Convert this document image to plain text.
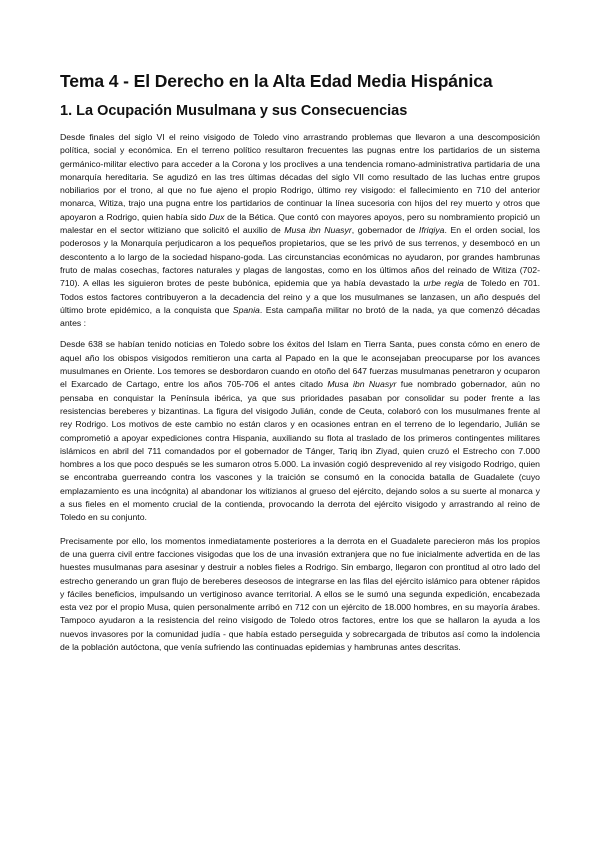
Tema 4 - El Derecho en la Alta Edad Media Hispánica
1. La Ocupación Musulmana y sus Consecuencias

Desde finales del siglo VI el reino visigodo de Toledo vino arrastrando problemas que llevaron a una descomposición política, social y económica. En el terreno político resultaron frecuentes las pugnas entre los partidarios de un sistema germánico-militar electivo para acceder a la Corona y los proclives a una tendencia romano-administrativa partidaria de una monarquía hereditaria. Se agudizó en las tres últimas décadas del siglo VII como resultado de las luchas entre grupos nobiliarios por el trono, al que no fue ajeno el propio Rodrigo, último rey visigodo: el fallecimiento en 710 del anterior monarca, Witiza, trajo una pugna entre los partidarios de continuar la línea sucesoria con hijos del rey muerto y otros que apoyaron a Rodrigo, quien había sido Dux de la Bética. Que contó con mayores apoyos, pero su nombramiento propició un malestar en el sector witiziano que solicitó el auxilio de Musa ibn Nuasyr, gobernador de Ifriqiya. En el orden social, los poderosos y la Monarquía perjudicaron a los pequeños propietarios, que se les privó de sus terrenos, y desembocó en un descontento a lo largo de la sociedad hispano-goda. Las circunstancias económicas no ayudaron, por grandes hambrunas fruto de malas cosechas, factores naturales y plagas de langostas, como en los últimos años del reinado de Witiza (702-710). A ellas les siguieron brotes de peste bubónica, epidemia que ya había devastado la urbe regia de Toledo en 701. Todos estos factores contribuyeron a la decadencia del reino y a que los musulmanes se lanzasen, un año después del último brote epidémico, a la conquista que Spania. Esta campaña militar no brotó de la nada, ya que comenzó décadas antes :

Desde 638 se habían tenido noticias en Toledo sobre los éxitos del Islam en Tierra Santa, pues consta cómo en enero de aquel año los obispos visigodos remitieron una carta al Papado en la que le aconsejaban preocuparse por los avances musulmanes en Oriente. Los temores se desbordaron cuando en otoño del 647 fuerzas musulmanas penetraron y ocuparon el Exarcado de Cartago, entre los años 705-706 el antes citado Musa ibn Nuasyr fue nombrado gobernador, aún no pensaba en conquistar la Península ibérica, ya que sus prioridades pasaban por consolidar su poder frente a las resistencias bereberes y bizantinas. La figura del visigodo Julián, conde de Ceuta, colaboró con los musulmanes frente al rey Rodrigo. Los motivos de este cambio no están claros y en ocasiones entran en el terreno de lo legendario, Julián se comprometió a apoyar expediciones contra Hispania, auxiliando su flota al traslado de los primeros contingentes militares islámicos en abril del 711 comandados por el gobernador de Tánger, Tariq ibn Ziyad, quien cruzó el Estrecho con 7.000 hombres a los que poco después se les sumaron otros 5.000. La invasión cogió desprevenido al rey visigodo Rodrigo, quien se encontraba guerreando contra los vascones y la traición se consumó en la conocida batalla de Guadalete (cuyo emplazamiento es una incógnita) al abandonar los witizianos al grueso del ejército, dejando solos a su suerte al monarca y a sus fieles en el momento crucial de la contienda, provocando la derrota del ejército visigodo y arrastrando al reino de Toledo en su conjunto.

Precisamente por ello, los momentos inmediatamente posteriores a la derrota en el Guadalete parecieron más los propios de una guerra civil entre facciones visigodas que los de una invasión extranjera que no fue inicialmente advertida en de las huestes musulmanas para asesinar y destruir a nobles fieles a Rodrigo. Sin embargo, llegaron con prontitud al otro lado del estrecho generando un gran flujo de bereberes deseosos de integrarse en las filas del ejército islámico para obtener rápidos y fáciles beneficios, impulsando un vertiginoso avance territorial. A ellos se le sumó una segunda expedición, encabezada esta vez por el propio Musa, quien personalmente arribó en 712 con un ejército de 18.000 hombres, en su mayoría árabes. Tampoco ayudaron a la resistencia del reino visigodo de Toledo otros factores, entre los que se hallaron la ayuda a los nuevos invasores por la comunidad judía - que había estado perseguida y sobrecargada de tributos así como la indolencia de la población autóctona, que venía sufriendo las continuadas epidemias y hambrunas antes descritas.
